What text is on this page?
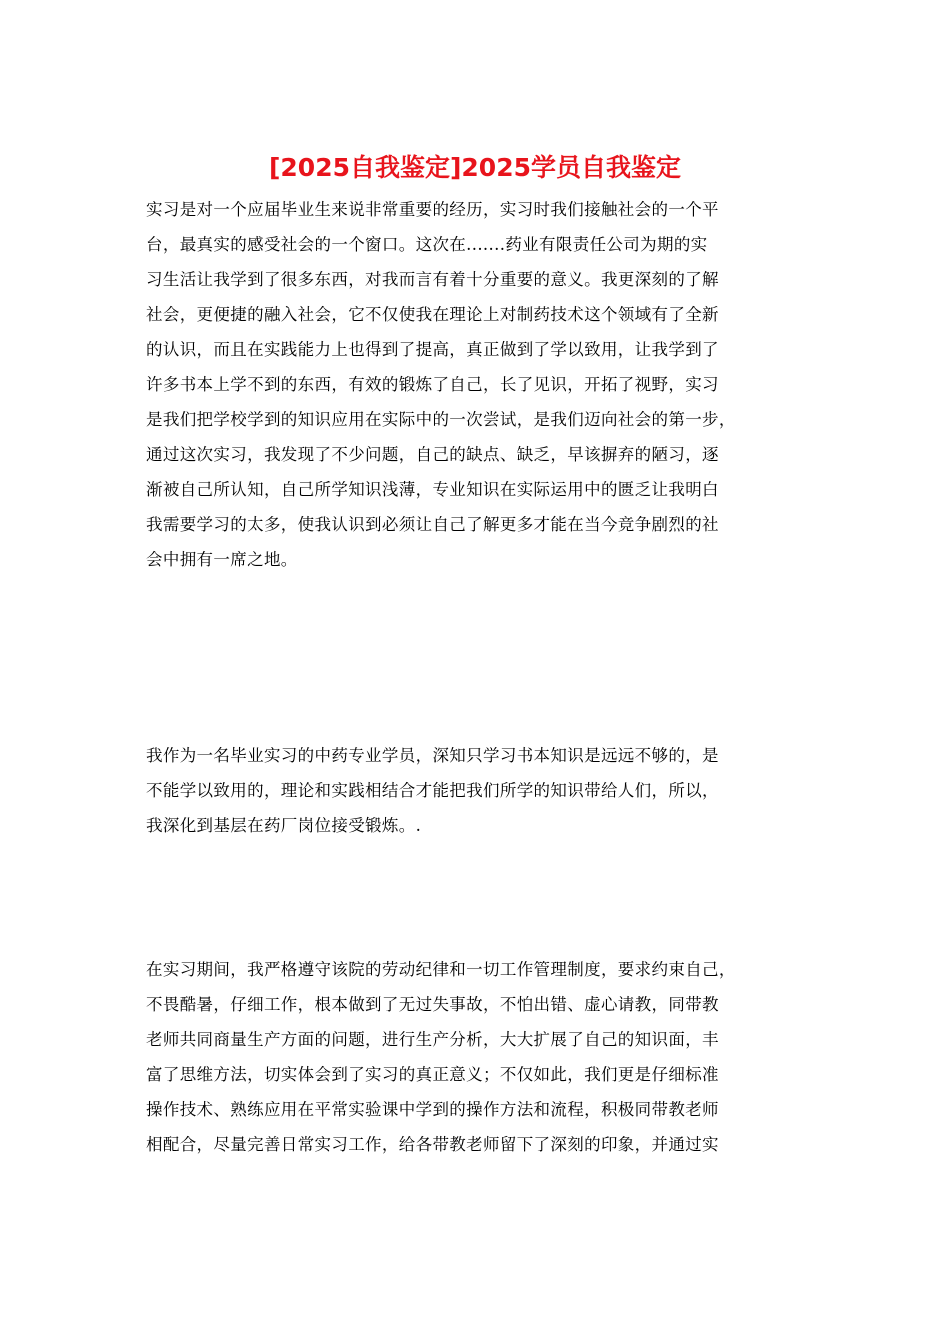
[2025自我鉴定]2025学员自我鉴定
实习是对一个应届毕业生来说非常重要的经历，实习时我们接触社会的一个平
台，最真实的感受社会的一个窗口。这次在.......药业有限责任公司为期的实
习生活让我学到了很多东西，对我而言有着十分重要的意义。我更深刻的了解
社会，更便捷的融入社会，它不仅使我在理论上对制药技术这个领域有了全新
的认识，而且在实践能力上也得到了提高，真正做到了学以致用，让我学到了
许多书本上学不到的东西，有效的锻炼了自己，长了见识，开拓了视野，实习
是我们把学校学到的知识应用在实际中的一次尝试，是我们迈向社会的第一步，
通过这次实习，我发现了不少问题，自己的缺点、缺乏，早该摒弃的陋习，逐
渐被自己所认知，自己所学知识浅薄，专业知识在实际运用中的匮乏让我明白
我需要学习的太多，使我认识到必须让自己了解更多才能在当今竞争剧烈的社
会中拥有一席之地。
我作为一名毕业实习的中药专业学员，深知只学习书本知识是远远不够的，是
不能学以致用的，理论和实践相结合才能把我们所学的知识带给人们，所以，
我深化到基层在药厂岗位接受锻炼。.
在实习期间，我严格遵守该院的劳动纪律和一切工作管理制度，要求约束自己，
不畏酷暑，仔细工作，根本做到了无过失事故，不怕出错、虚心请教，同带教
老师共同商量生产方面的问题，进行生产分析，大大扩展了自己的知识面，丰
富了思维方法，切实体会到了实习的真正意义；不仅如此，我们更是仔细标准
操作技术、熟练应用在平常实验课中学到的操作方法和流程，积极同带教老师
相配合，尽量完善日常实习工作，给各带教老师留下了深刻的印象，并通过实
